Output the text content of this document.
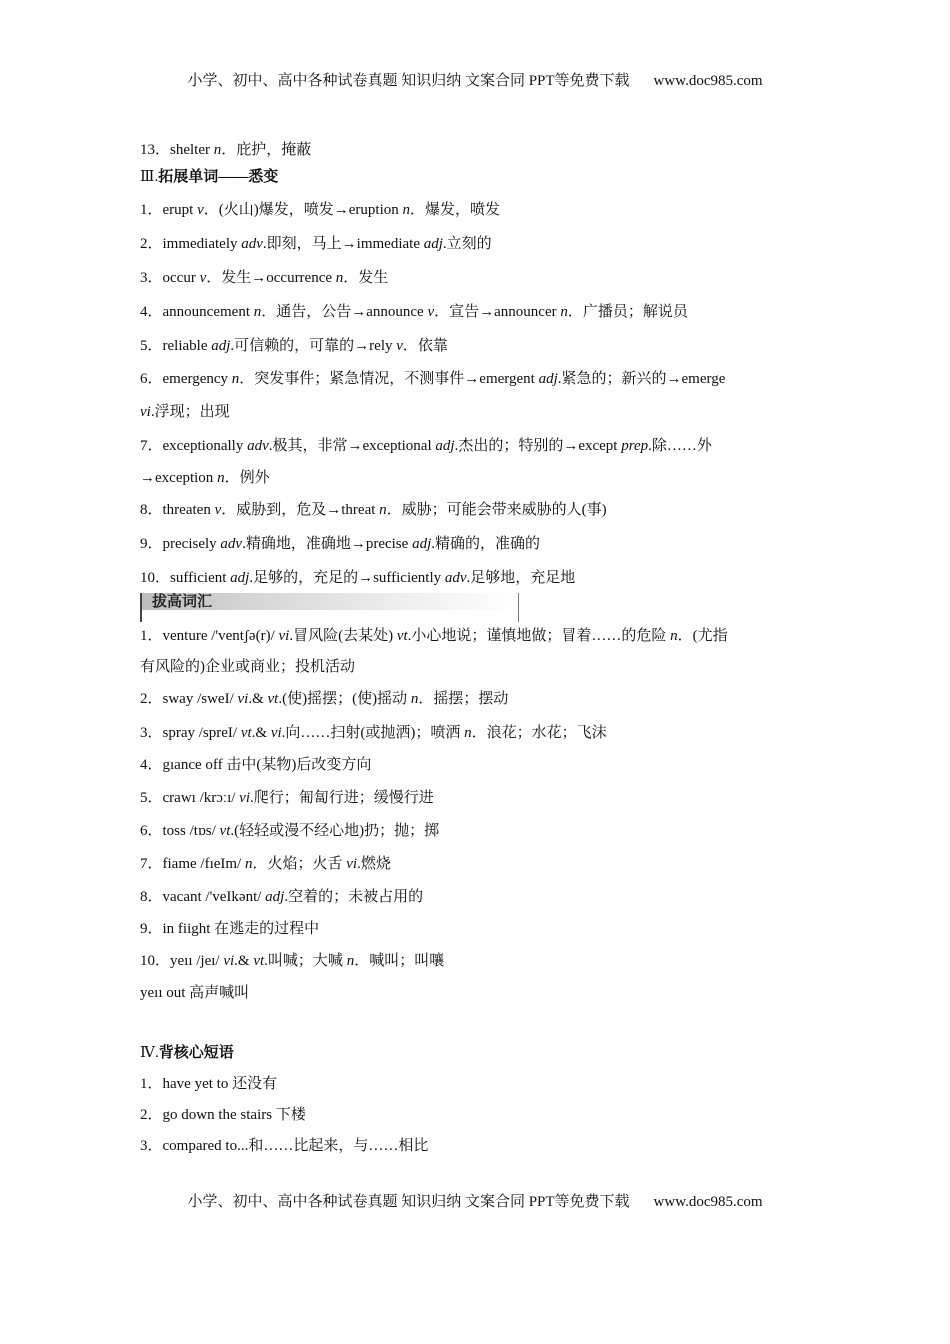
小学、初中、高中各种试卷真题 知识归纳 文案合同 PPT等免费下载 www.doc985.com
13．shelter n．庇护，掩蔽
Ⅲ.拓展单词——悉变
1．erupt v．(火山)爆发，喷发→eruption n．爆发，喷发
2．immediately adv.即刻，马上→immediate adj.立刻的
3．occur v．发生→occurrence n．发生
4．announcement n．通告，公告→announce v．宣告→announcer n．广播员；解说员
5．reliable adj.可信赖的，可靠的→rely v．依靠
6．emergency n．突发事件；紧急情况，不测事件→emergent adj.紧急的；新兴的→emerge
vi.浮现；出现
7．exceptionally adv.极其，非常→exceptional adj.杰出的；特别的→except prep.除……外
→exception n．例外
8．threaten v．威胁到，危及→threat n．威胁；可能会带来威胁的人(事)
9．precisely adv.精确地，准确地→precise adj.精确的，准确的
10．sufficient adj.足够的，充足的→sufficiently adv.足够地，充足地
拔高词汇
1．venture /'ventʃə(r)/ vi.冒风险(去某处) vt.小心地说；谨慎地做；冒着……的危险 n．(尤指
有风险的)企业或商业；投机活动
2．sway /sweI/ vi.& vt.(使)摇摆；(使)摇动 n．摇摆；摆动
3．spray /spreI/ vt.& vi.向……扫射(或抛洒)；喷洒 n．浪花；水花；飞沫
4．gıance off 击中(某物)后改变方向
5．crawı /krɔːı/ vi.爬行；匍匐行进；缓慢行进
6．toss /tɒs/ vt.(轻轻或漫不经心地)扔；抛；掷
7．fiame /fıeIm/ n．火焰；火舌 vi.燃烧
8．vacant /'veIkənt/ adj.空着的；未被占用的
9．in fiight 在逃走的过程中
10．yeıı /jeı/ vi.& vt.叫喊；大喊 n．喊叫；叫嚷
yeıı out 高声喊叫
Ⅳ.背核心短语
1．have yet to 还没有
2．go down the stairs 下楼
3．compared to...和……比起来，与……相比
小学、初中、高中各种试卷真题 知识归纳 文案合同 PPT等免费下载 www.doc985.com
